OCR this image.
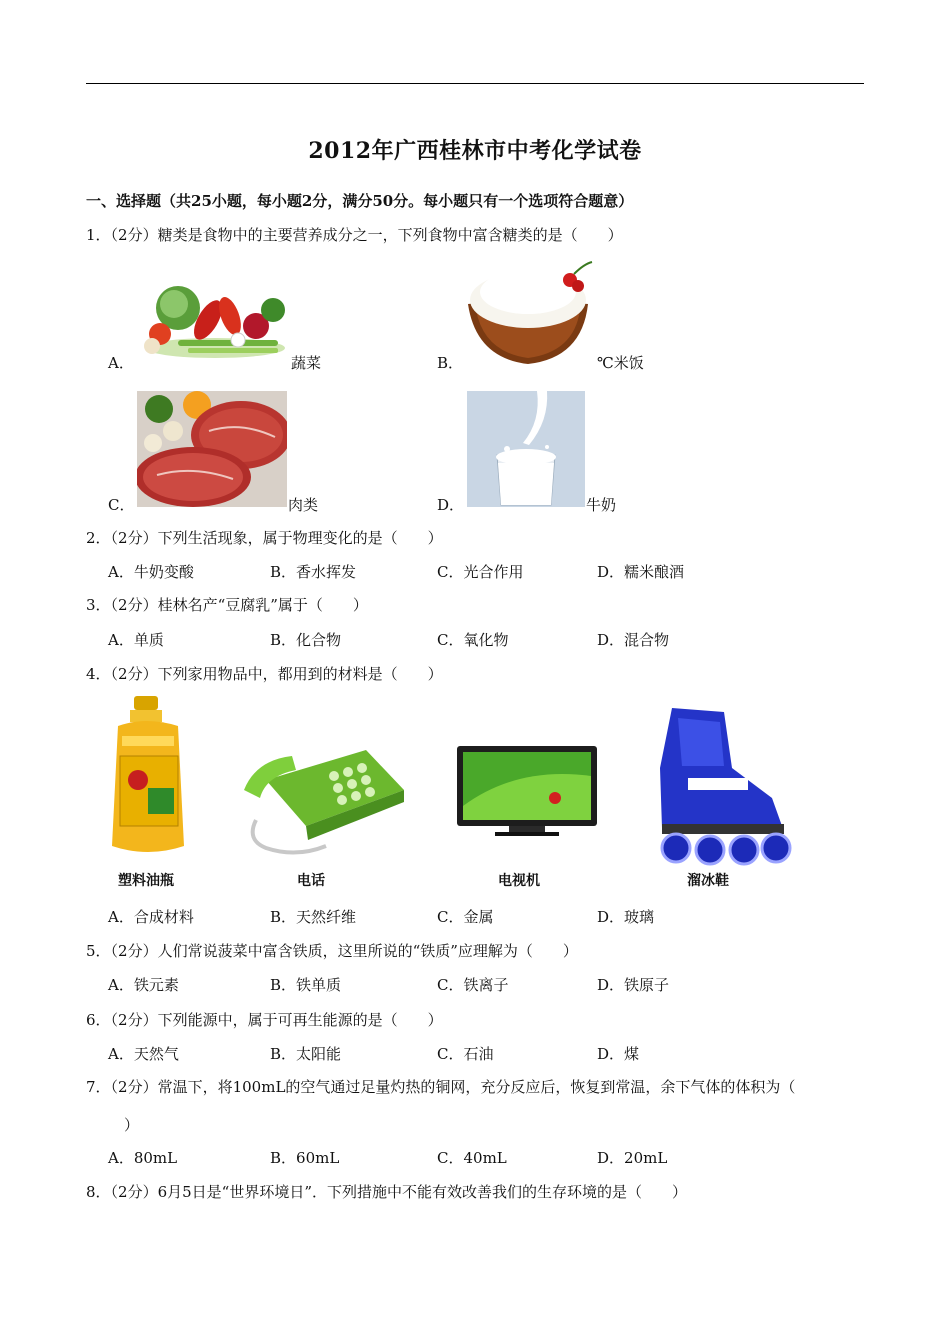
2012年广西桂林市中考化学试卷
一、选择题（共25小题，每小题2分，满分50分。每小题只有一个选项符合题意）
1．（2分）糖类是食物中的主要营养成分之一，下列食物中富含糖类的是（　　）
A．	蔬菜	B．	℃米饭
C．	肉类	D．	牛奶
2．（2分）下列生活现象，属于物理变化的是（　　）
A．牛奶变酸	B．香水挥发	C．光合作用	D．糯米酿酒
3．（2分）桂林名产“豆腐乳”属于（　　）
A．单质	B．化合物	C．氧化物	D．混合物
4．（2分）下列家用物品中，都用到的材料是（　　）
塑料油瓶	电话	电视机	溜冰鞋
A．合成材料	B．天然纤维	C．金属	D．玻璃
5．（2分）人们常说菠菜中富含铁质，这里所说的“铁质”应理解为（　　）
A．铁元素	B．铁单质	C．铁离子	D．铁原子
6．（2分）下列能源中，属于可再生能源的是（　　）
A．天然气	B．太阳能	C．石油	D．煤
7．（2分）常温下，将100mL的空气通过足量灼热的铜网，充分反应后，恢复到常温，余下气体的体积为（
）
A．80mL	B．60mL	C．40mL	D．20mL
8．（2分）6月5日是“世界环境日”．下列措施中不能有效改善我们的生存环境的是（　　）
